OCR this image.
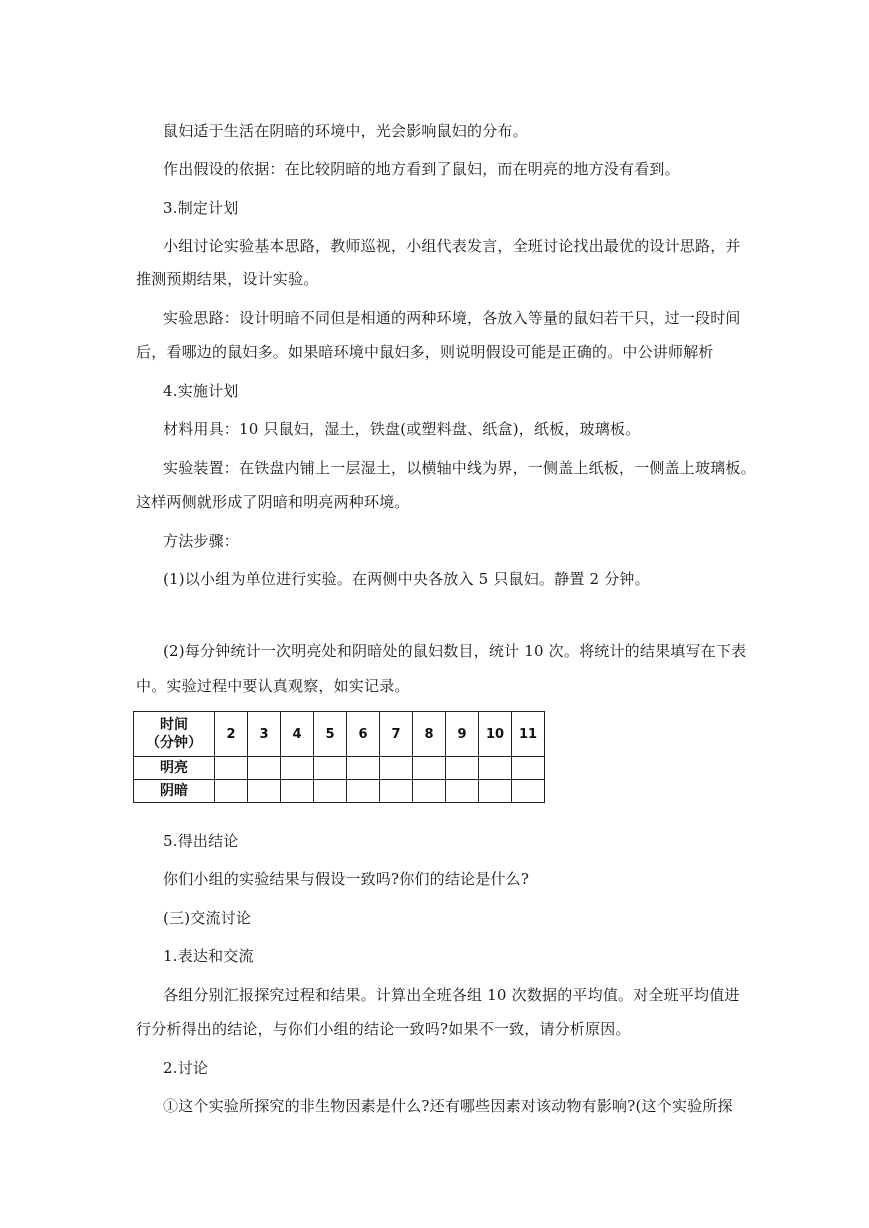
鼠妇适于生活在阴暗的环境中，光会影响鼠妇的分布。
作出假设的依据：在比较阴暗的地方看到了鼠妇，而在明亮的地方没有看到。
3.制定计划
小组讨论实验基本思路，教师巡视，小组代表发言，全班讨论找出最优的设计思路，并
推测预期结果，设计实验。
实验思路：设计明暗不同但是相通的两种环境，各放入等量的鼠妇若干只，过一段时间
后，看哪边的鼠妇多。如果暗环境中鼠妇多，则说明假设可能是正确的。中公讲师解析
4.实施计划
材料用具：10 只鼠妇，湿土，铁盘(或塑料盘、纸盒)，纸板，玻璃板。
实验装置：在铁盘内铺上一层湿土，以横轴中线为界，一侧盖上纸板，一侧盖上玻璃板。
这样两侧就形成了阴暗和明亮两种环境。
方法步骤：
(1)以小组为单位进行实验。在两侧中央各放入 5 只鼠妇。静置 2 分钟。
(2)每分钟统计一次明亮处和阴暗处的鼠妇数目，统计 10 次。将统计的结果填写在下表
中。实验过程中要认真观察，如实记录。
时间
（分钟）	2	3	4	5	6	7	8	9	10	11
明亮										
阴暗										
5.得出结论
你们小组的实验结果与假设一致吗?你们的结论是什么?
(三)交流讨论
1.表达和交流
各组分别汇报探究过程和结果。计算出全班各组 10 次数据的平均值。对全班平均值进
行分析得出的结论，与你们小组的结论一致吗?如果不一致，请分析原因。
2.讨论
①这个实验所探究的非生物因素是什么?还有哪些因素对该动物有影响?(这个实验所探
